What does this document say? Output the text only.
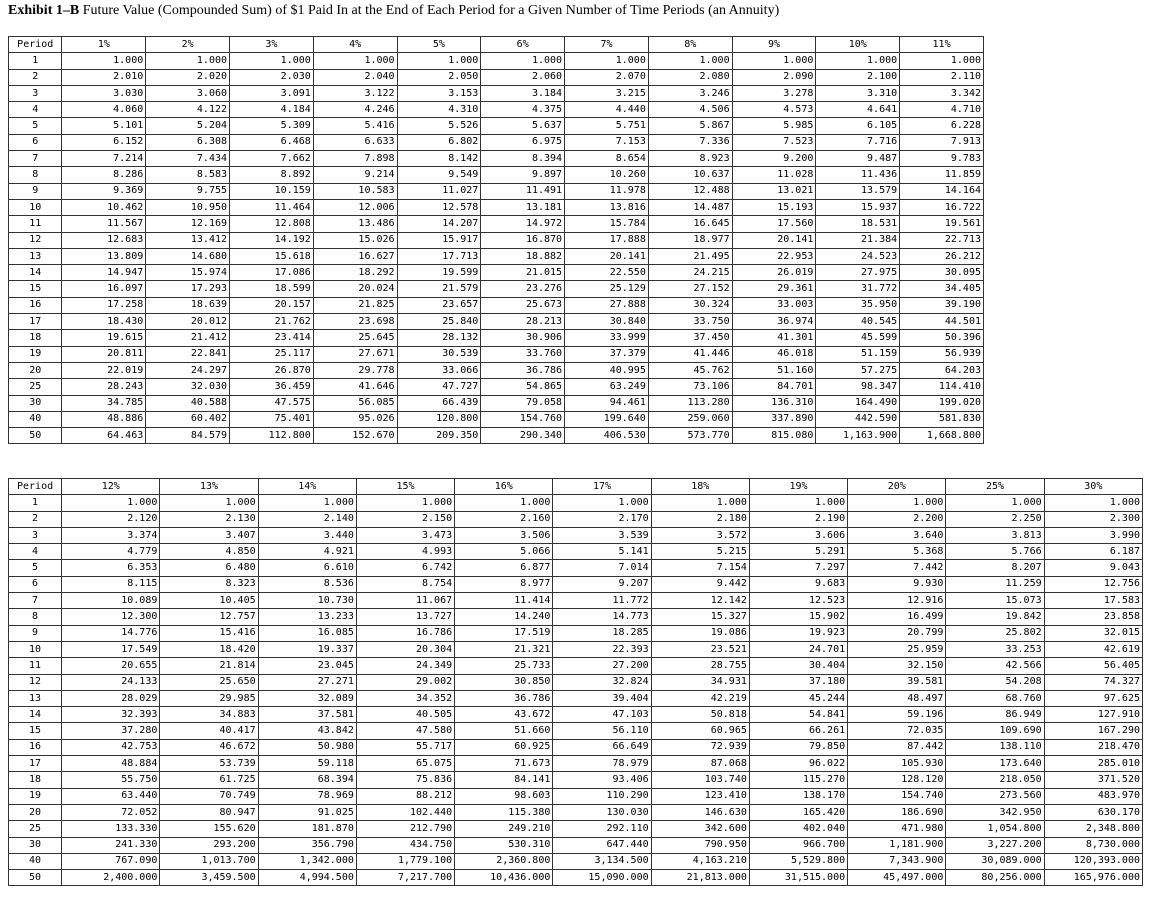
Exhibit 1–B Future Value (Compounded Sum) of $1 Paid In at the End of Each Period for a Given Number of Time Periods (an Annuity)
Period	1%	2%	3%	4%	5%	6%	7%	8%	9%	10%	11%
1	1.000	1.000	1.000	1.000	1.000	1.000	1.000	1.000	1.000	1.000	1.000
2	2.010	2.020	2.030	2.040	2.050	2.060	2.070	2.080	2.090	2.100	2.110
3	3.030	3.060	3.091	3.122	3.153	3.184	3.215	3.246	3.278	3.310	3.342
4	4.060	4.122	4.184	4.246	4.310	4.375	4.440	4.506	4.573	4.641	4.710
5	5.101	5.204	5.309	5.416	5.526	5.637	5.751	5.867	5.985	6.105	6.228
6	6.152	6.308	6.468	6.633	6.802	6.975	7.153	7.336	7.523	7.716	7.913
7	7.214	7.434	7.662	7.898	8.142	8.394	8.654	8.923	9.200	9.487	9.783
8	8.286	8.583	8.892	9.214	9.549	9.897	10.260	10.637	11.028	11.436	11.859
9	9.369	9.755	10.159	10.583	11.027	11.491	11.978	12.488	13.021	13.579	14.164
10	10.462	10.950	11.464	12.006	12.578	13.181	13.816	14.487	15.193	15.937	16.722
11	11.567	12.169	12.808	13.486	14.207	14.972	15.784	16.645	17.560	18.531	19.561
12	12.683	13.412	14.192	15.026	15.917	16.870	17.888	18.977	20.141	21.384	22.713
13	13.809	14.680	15.618	16.627	17.713	18.882	20.141	21.495	22.953	24.523	26.212
14	14.947	15.974	17.086	18.292	19.599	21.015	22.550	24.215	26.019	27.975	30.095
15	16.097	17.293	18.599	20.024	21.579	23.276	25.129	27.152	29.361	31.772	34.405
16	17.258	18.639	20.157	21.825	23.657	25.673	27.888	30.324	33.003	35.950	39.190
17	18.430	20.012	21.762	23.698	25.840	28.213	30.840	33.750	36.974	40.545	44.501
18	19.615	21.412	23.414	25.645	28.132	30.906	33.999	37.450	41.301	45.599	50.396
19	20.811	22.841	25.117	27.671	30.539	33.760	37.379	41.446	46.018	51.159	56.939
20	22.019	24.297	26.870	29.778	33.066	36.786	40.995	45.762	51.160	57.275	64.203
25	28.243	32.030	36.459	41.646	47.727	54.865	63.249	73.106	84.701	98.347	114.410
30	34.785	40.588	47.575	56.085	66.439	79.058	94.461	113.280	136.310	164.490	199.020
40	48.886	60.402	75.401	95.026	120.800	154.760	199.640	259.060	337.890	442.590	581.830
50	64.463	84.579	112.800	152.670	209.350	290.340	406.530	573.770	815.080	1,163.900	1,668.800
Period	12%	13%	14%	15%	16%	17%	18%	19%	20%	25%	30%
1	1.000	1.000	1.000	1.000	1.000	1.000	1.000	1.000	1.000	1.000	1.000
2	2.120	2.130	2.140	2.150	2.160	2.170	2.180	2.190	2.200	2.250	2.300
3	3.374	3.407	3.440	3.473	3.506	3.539	3.572	3.606	3.640	3.813	3.990
4	4.779	4.850	4.921	4.993	5.066	5.141	5.215	5.291	5.368	5.766	6.187
5	6.353	6.480	6.610	6.742	6.877	7.014	7.154	7.297	7.442	8.207	9.043
6	8.115	8.323	8.536	8.754	8.977	9.207	9.442	9.683	9.930	11.259	12.756
7	10.089	10.405	10.730	11.067	11.414	11.772	12.142	12.523	12.916	15.073	17.583
8	12.300	12.757	13.233	13.727	14.240	14.773	15.327	15.902	16.499	19.842	23.858
9	14.776	15.416	16.085	16.786	17.519	18.285	19.086	19.923	20.799	25.802	32.015
10	17.549	18.420	19.337	20.304	21.321	22.393	23.521	24.701	25.959	33.253	42.619
11	20.655	21.814	23.045	24.349	25.733	27.200	28.755	30.404	32.150	42.566	56.405
12	24.133	25.650	27.271	29.002	30.850	32.824	34.931	37.180	39.581	54.208	74.327
13	28.029	29.985	32.089	34.352	36.786	39.404	42.219	45.244	48.497	68.760	97.625
14	32.393	34.883	37.581	40.505	43.672	47.103	50.818	54.841	59.196	86.949	127.910
15	37.280	40.417	43.842	47.580	51.660	56.110	60.965	66.261	72.035	109.690	167.290
16	42.753	46.672	50.980	55.717	60.925	66.649	72.939	79.850	87.442	138.110	218.470
17	48.884	53.739	59.118	65.075	71.673	78.979	87.068	96.022	105.930	173.640	285.010
18	55.750	61.725	68.394	75.836	84.141	93.406	103.740	115.270	128.120	218.050	371.520
19	63.440	70.749	78.969	88.212	98.603	110.290	123.410	138.170	154.740	273.560	483.970
20	72.052	80.947	91.025	102.440	115.380	130.030	146.630	165.420	186.690	342.950	630.170
25	133.330	155.620	181.870	212.790	249.210	292.110	342.600	402.040	471.980	1,054.800	2,348.800
30	241.330	293.200	356.790	434.750	530.310	647.440	790.950	966.700	1,181.900	3,227.200	8,730.000
40	767.090	1,013.700	1,342.000	1,779.100	2,360.800	3,134.500	4,163.210	5,529.800	7,343.900	30,089.000	120,393.000
50	2,400.000	3,459.500	4,994.500	7,217.700	10,436.000	15,090.000	21,813.000	31,515.000	45,497.000	80,256.000	165,976.000
